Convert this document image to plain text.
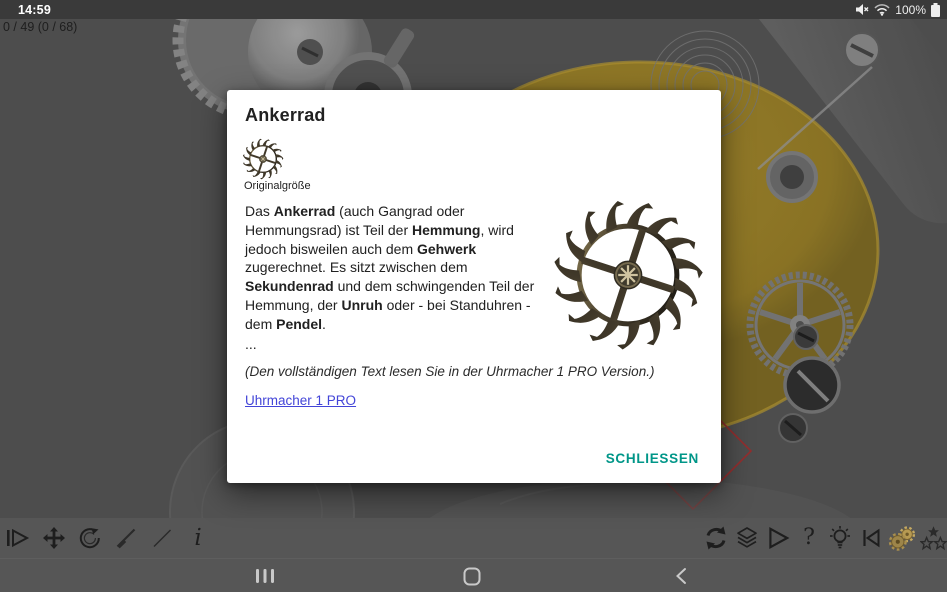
14:59	100%
0 / 49 (0 / 68)
Ankerrad
Originalgröße
Das Ankerrad (auch Gangrad oder Hemmungsrad) ist Teil der Hemmung, wird jedoch bisweilen auch dem Gehwerk zugerechnet. Es sitzt zwischen dem Sekundenrad und dem schwingenden Teil der Hemmung, der Unruh oder - bei Standuhren - dem Pendel.
...
(Den vollständigen Text lesen Sie in der Uhrmacher 1 PRO Version.)
Uhrmacher 1 PRO
SCHLIESSEN
i	?
